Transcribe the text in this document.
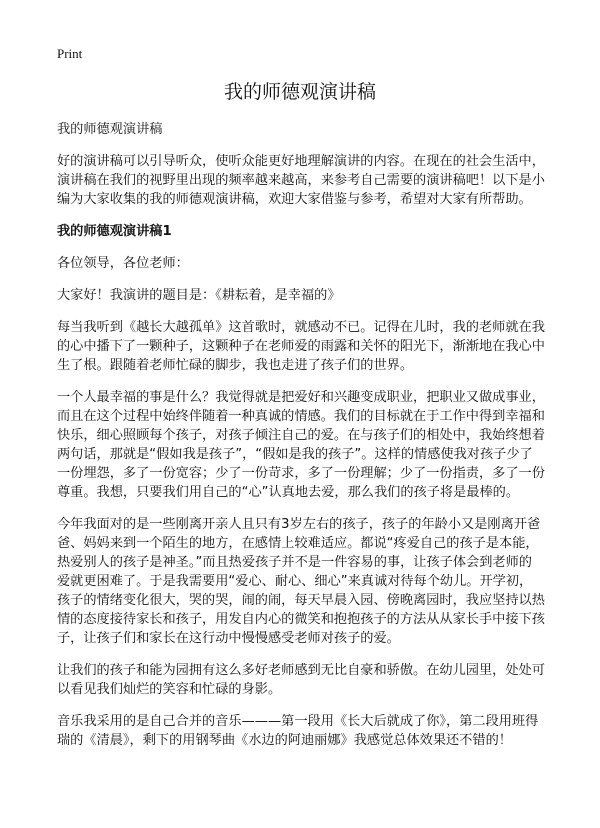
Print
我的师德观演讲稿

我的师德观演讲稿

好的演讲稿可以引导听众，使听众能更好地理解演讲的内容。在现在的社会生活中，演讲稿在我们的视野里出现的频率越来越高，来参考自己需要的演讲稿吧！以下是小编为大家收集的我的师德观演讲稿，欢迎大家借鉴与参考，希望对大家有所帮助。

我的师德观演讲稿1

各位领导，各位老师：

大家好！我演讲的题目是：《耕耘着，是幸福的》

每当我听到《越长大越孤单》这首歌时，就感动不已。记得在儿时，我的老师就在我的心中播下了一颗种子，这颗种子在老师爱的雨露和关怀的阳光下，渐渐地在我心中生了根。跟随着老师忙碌的脚步，我也走进了孩子们的世界。

一个人最幸福的事是什么？我觉得就是把爱好和兴趣变成职业，把职业又做成事业，而且在这个过程中始终伴随着一种真诚的情感。我们的目标就在于工作中得到幸福和快乐，细心照顾每个孩子，对孩子倾注自己的爱。在与孩子们的相处中，我始终想着两句话，那就是“假如我是孩子”，“假如是我的孩子”。这样的情感使我对孩子少了一份埋怨，多了一份宽容；少了一份苛求，多了一份理解；少了一份指责，多了一份尊重。我想，只要我们用自己的“心”认真地去爱，那么我们的孩子将是最棒的。

今年我面对的是一些刚离开亲人且只有3岁左右的孩子，孩子的年龄小又是刚离开爸爸、妈妈来到一个陌生的地方，在感情上较难适应。都说“疼爱自己的孩子是本能，热爱别人的孩子是神圣。”而且热爱孩子并不是一件容易的事，让孩子体会到老师的爱就更困难了。于是我需要用“爱心、耐心、细心”来真诚对待每个幼儿。开学初，孩子的情绪变化很大，哭的哭，闹的闹，每天早晨入园、傍晚离园时，我应坚持以热情的态度接待家长和孩子，用发自内心的微笑和抱抱孩子的方法从从家长手中接下孩子，让孩子们和家长在这行动中慢慢感受老师对孩子的爱。

让我们的孩子和能为园拥有这么多好老师感到无比自豪和骄傲。在幼儿园里，处处可以看见我们灿烂的笑容和忙碌的身影。

音乐我采用的是自己合并的音乐———第一段用《长大后就成了你》，第二段用班得瑞的《清晨》，剩下的用钢琴曲《水边的阿迪丽娜》我感觉总体效果还不错的！
